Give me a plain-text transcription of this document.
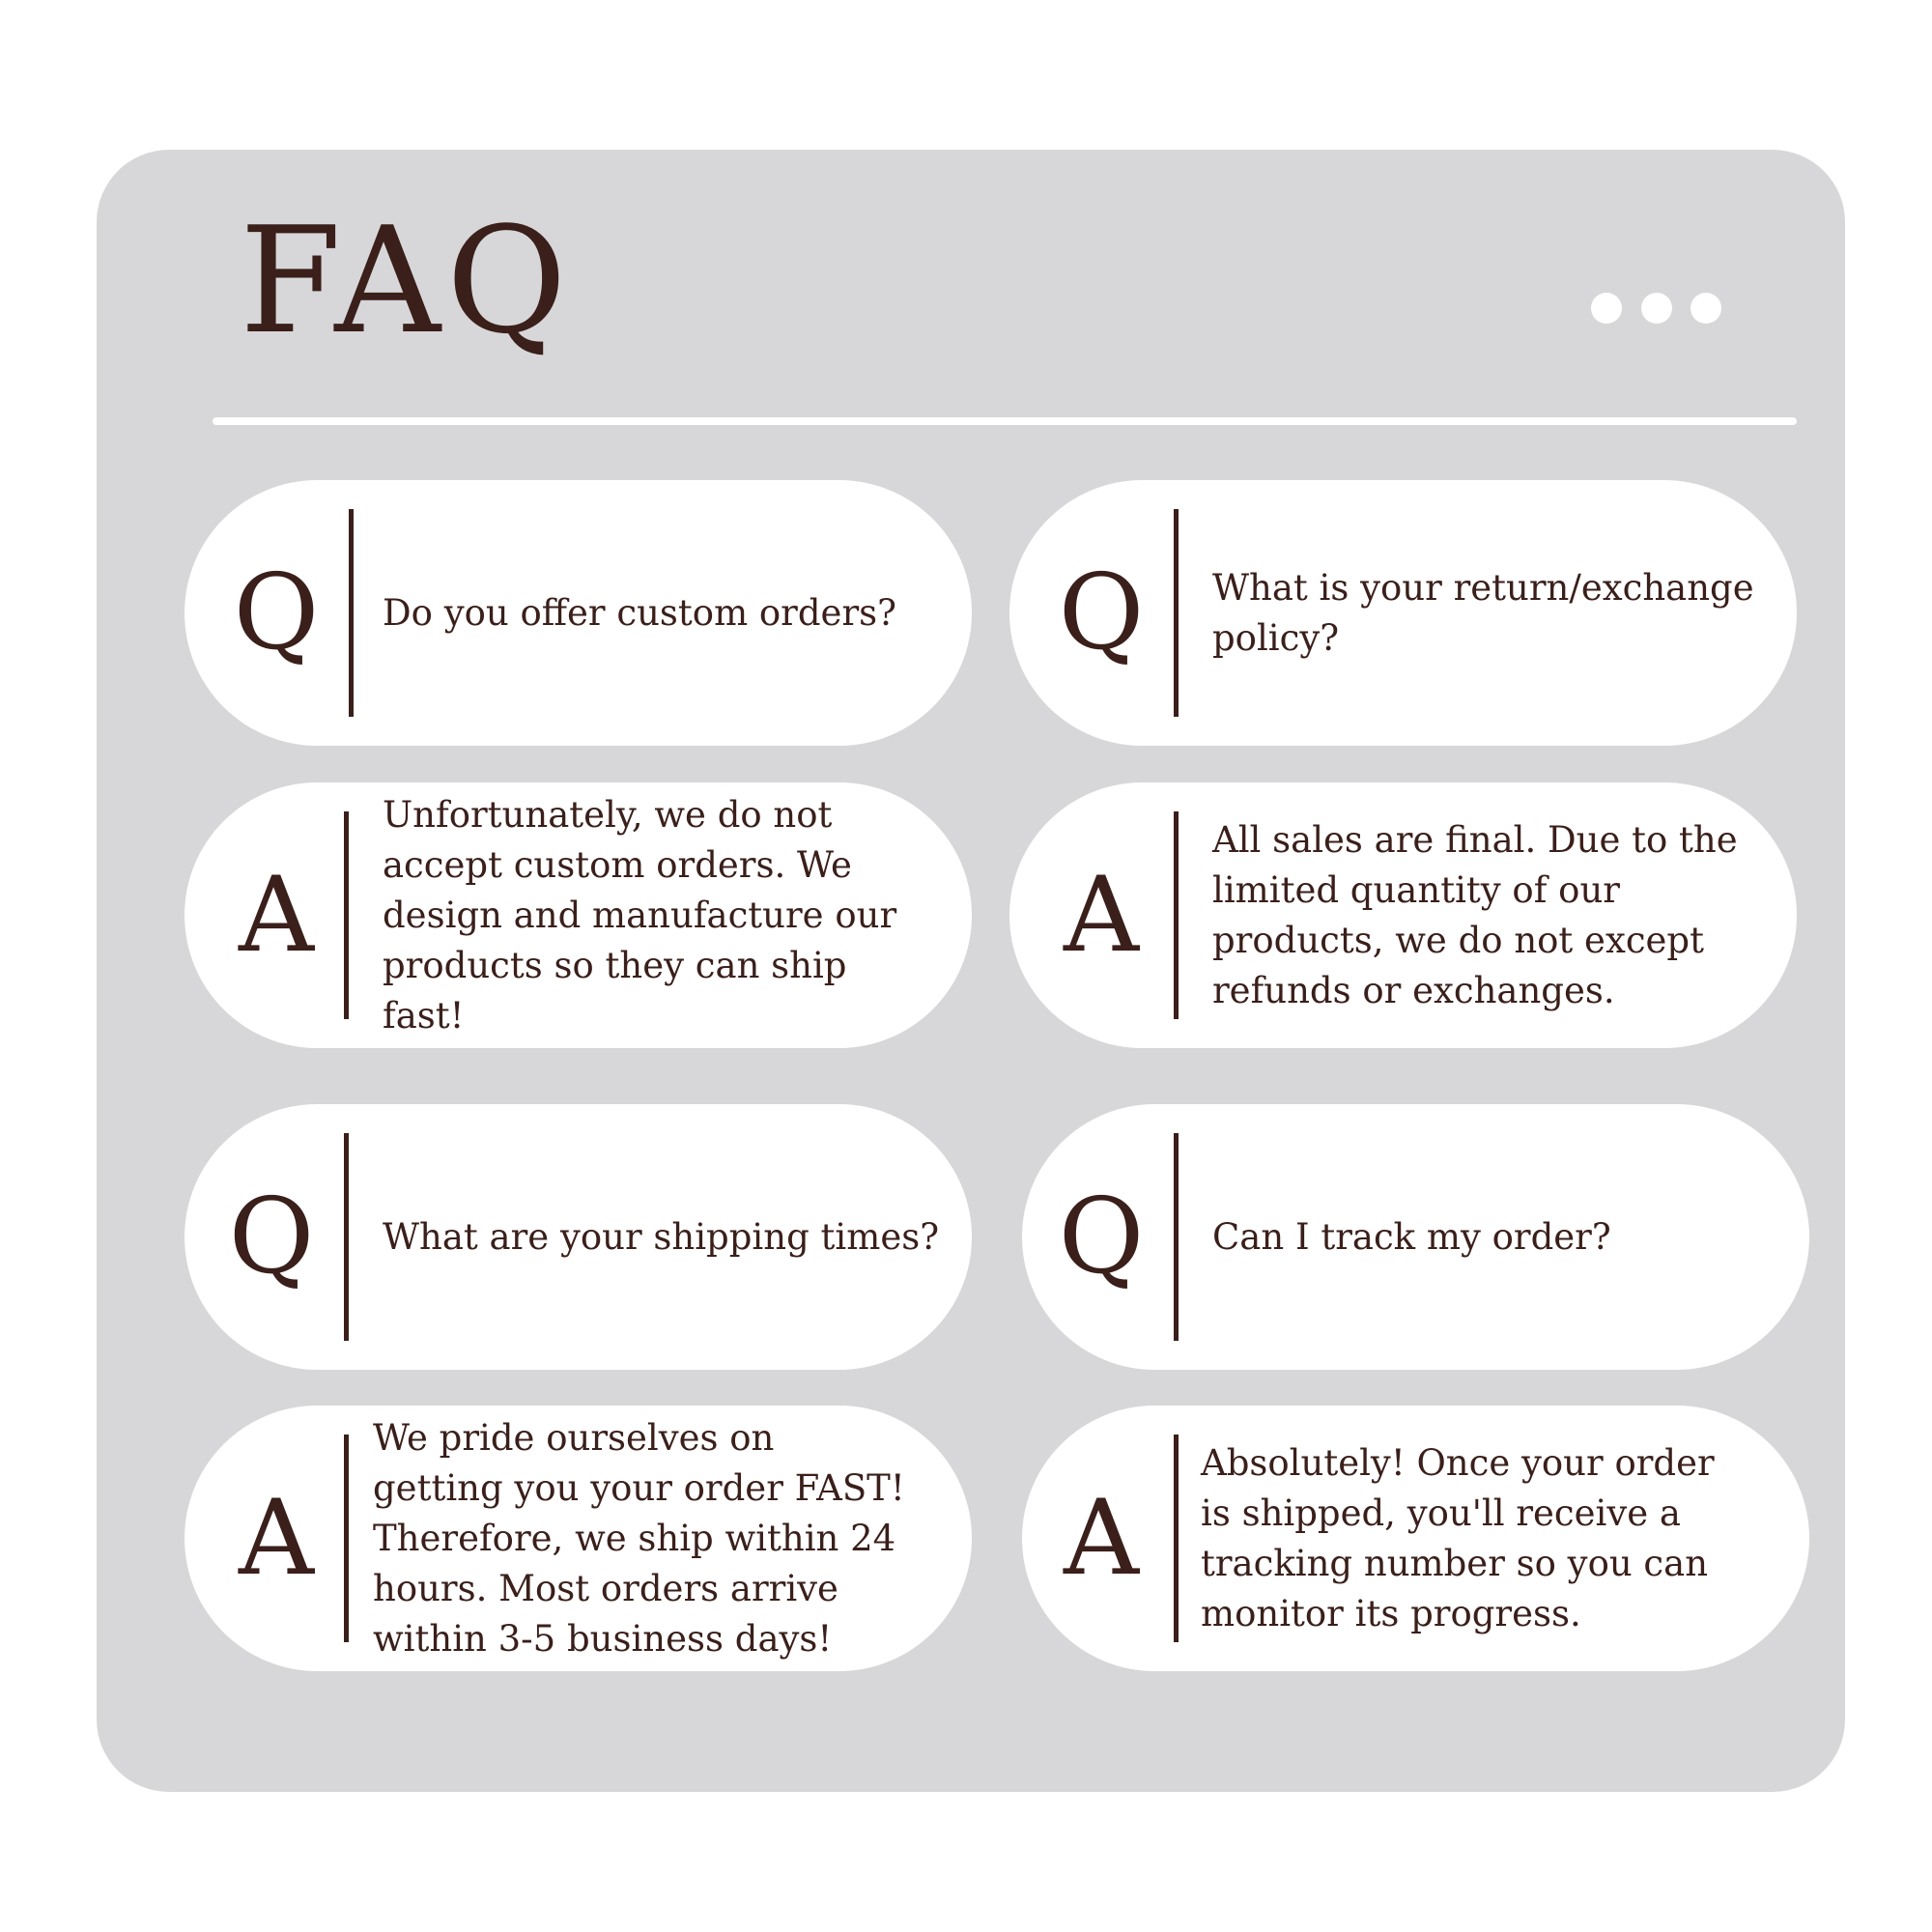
FAQ
Q Do you offer custom orders?	Q What is your return/exchange policy?
A
Unfortunately, we do not accept custom orders. We design and manufacture our products so they can ship fast!
A
All sales are final. Due to the limited quantity of our products, we do not except refunds or exchanges.
Q What are your shipping times? Q Can I track my order?
A
We pride ourselves on getting you your order FAST! Therefore, we ship within 24 hours. Most orders arrive within 3-5 business days!
A
Absolutely! Once your order is shipped, you'll receive a tracking number so you can monitor its progress.
